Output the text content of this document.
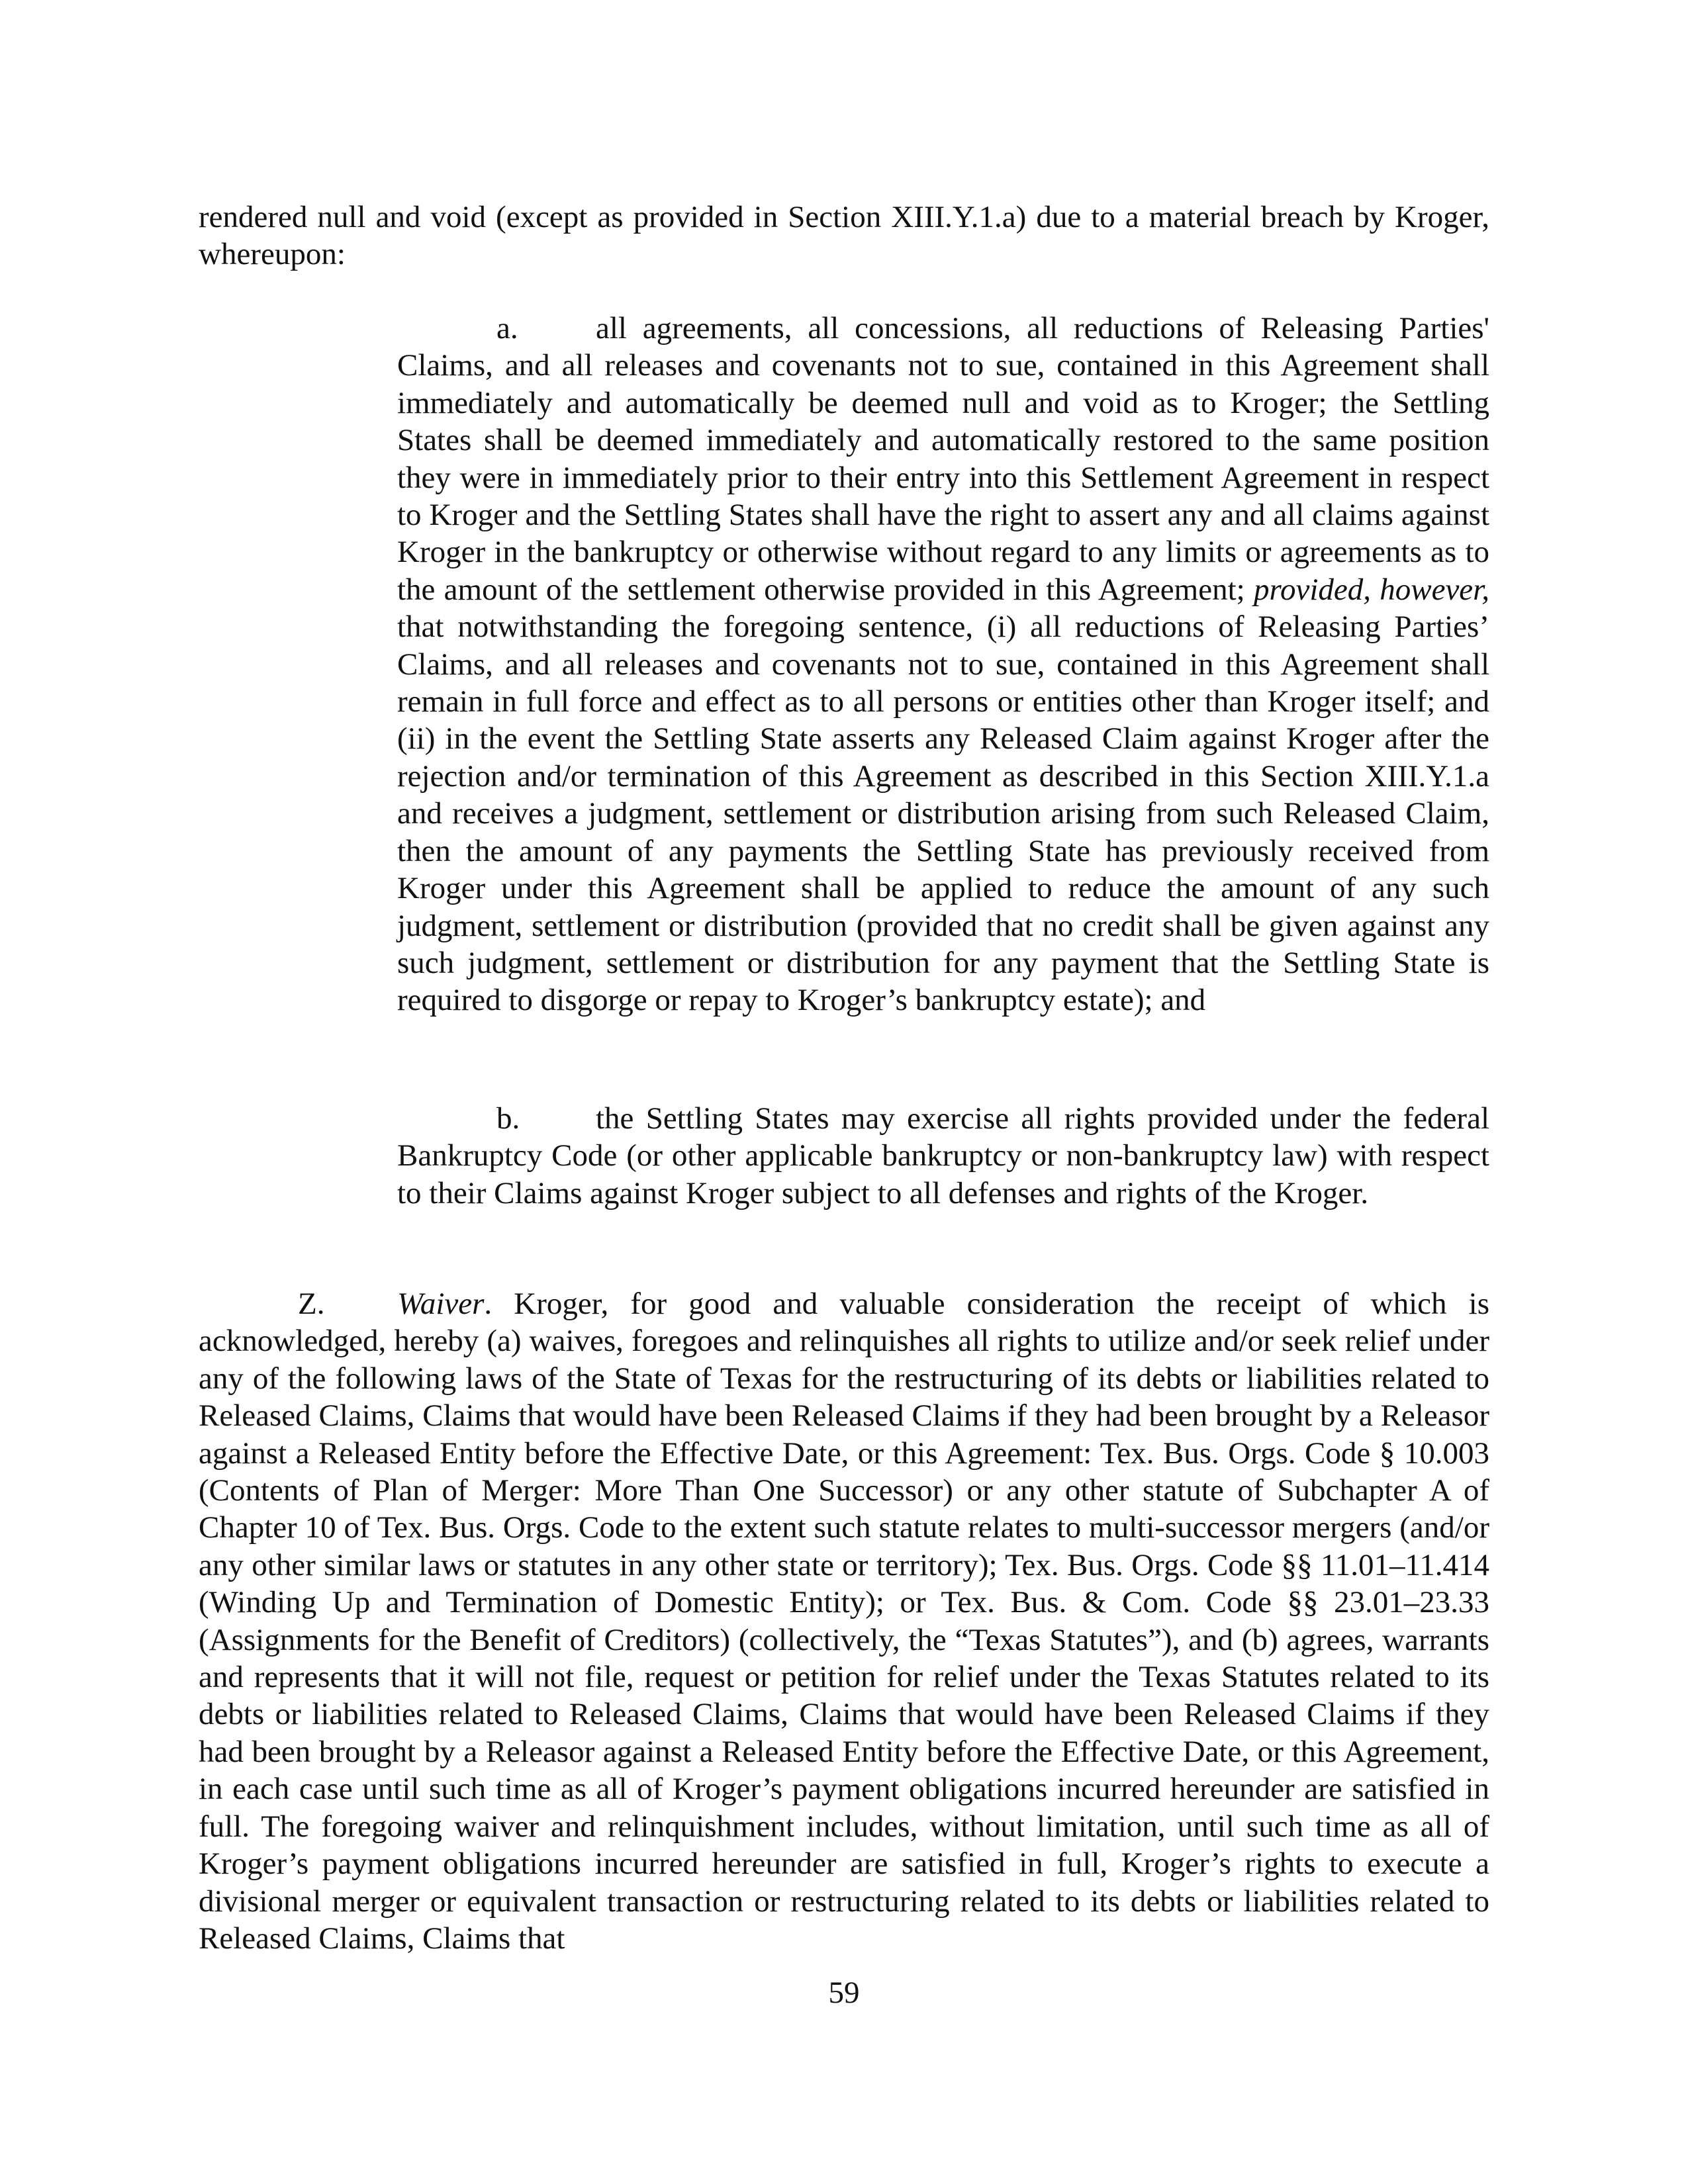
rendered null and void (except as provided in Section XIII.Y.1.a) due to a material breach by Kroger, whereupon:

a. all agreements, all concessions, all reductions of Releasing Parties' Claims, and all releases and covenants not to sue, contained in this Agreement shall immediately and automatically be deemed null and void as to Kroger; the Settling States shall be deemed immediately and automatically restored to the same position they were in immediately prior to their entry into this Settlement Agreement in respect to Kroger and the Settling States shall have the right to assert any and all claims against Kroger in the bankruptcy or otherwise without regard to any limits or agreements as to the amount of the settlement otherwise provided in this Agreement; provided, however, that notwithstanding the foregoing sentence, (i) all reductions of Releasing Parties’ Claims, and all releases and covenants not to sue, contained in this Agreement shall remain in full force and effect as to all persons or entities other than Kroger itself; and (ii) in the event the Settling State asserts any Released Claim against Kroger after the rejection and/or termination of this Agreement as described in this Section XIII.Y.1.a and receives a judgment, settlement or distribution arising from such Released Claim, then the amount of any payments the Settling State has previously received from Kroger under this Agreement shall be applied to reduce the amount of any such judgment, settlement or distribution (provided that no credit shall be given against any such judgment, settlement or distribution for any payment that the Settling State is required to disgorge or repay to Kroger’s bankruptcy estate); and

b. the Settling States may exercise all rights provided under the federal Bankruptcy Code (or other applicable bankruptcy or non-bankruptcy law) with respect to their Claims against Kroger subject to all defenses and rights of the Kroger.

Z. Waiver. Kroger, for good and valuable consideration the receipt of which is acknowledged, hereby (a) waives, foregoes and relinquishes all rights to utilize and/or seek relief under any of the following laws of the State of Texas for the restructuring of its debts or liabilities related to Released Claims, Claims that would have been Released Claims if they had been brought by a Releasor against a Released Entity before the Effective Date, or this Agreement: Tex. Bus. Orgs. Code § 10.003 (Contents of Plan of Merger: More Than One Successor) or any other statute of Subchapter A of Chapter 10 of Tex. Bus. Orgs. Code to the extent such statute relates to multi-successor mergers (and/or any other similar laws or statutes in any other state or territory); Tex. Bus. Orgs. Code §§ 11.01–11.414 (Winding Up and Termination of Domestic Entity); or Tex. Bus. & Com. Code §§ 23.01–23.33 (Assignments for the Benefit of Creditors) (collectively, the “Texas Statutes”), and (b) agrees, warrants and represents that it will not file, request or petition for relief under the Texas Statutes related to its debts or liabilities related to Released Claims, Claims that would have been Released Claims if they had been brought by a Releasor against a Released Entity before the Effective Date, or this Agreement, in each case until such time as all of Kroger’s payment obligations incurred hereunder are satisfied in full. The foregoing waiver and relinquishment includes, without limitation, until such time as all of Kroger’s payment obligations incurred hereunder are satisfied in full, Kroger’s rights to execute a divisional merger or equivalent transaction or restructuring related to its debts or liabilities related to Released Claims, Claims that

59
